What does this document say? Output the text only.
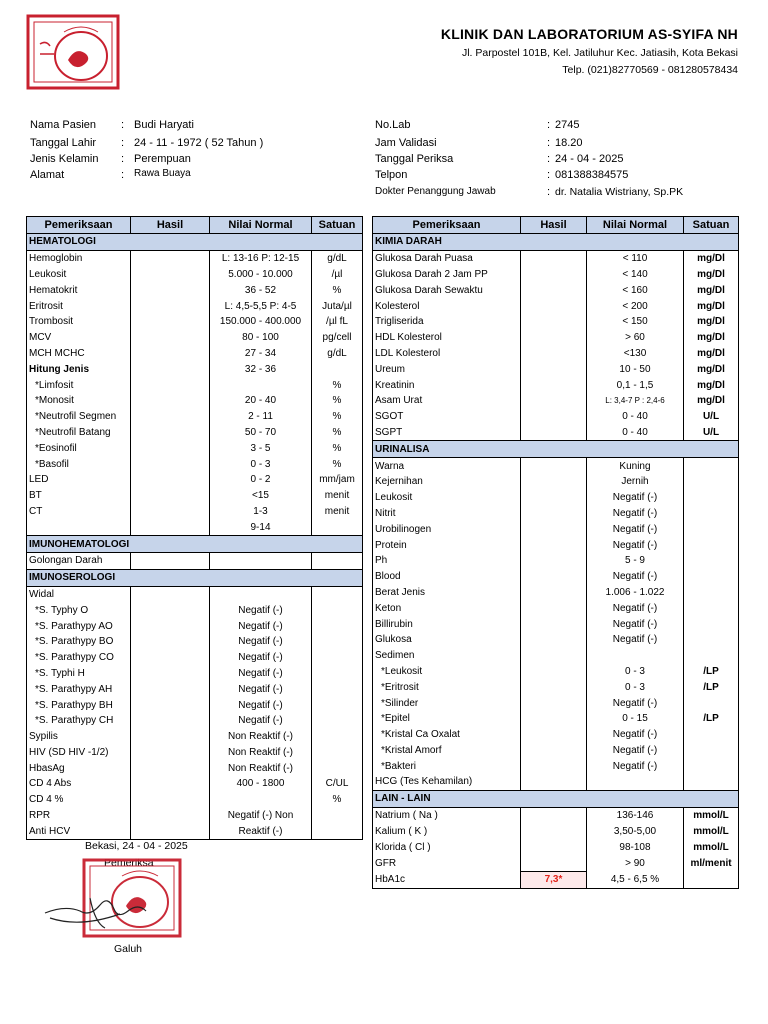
KLINIK DAN LABORATORIUM AS-SYIFA NH
Jl. Parpostel 101B, Kel. Jatiluhur Kec. Jatiasih, Kota Bekasi
Telp. (021)82770569 - 081280578434
Nama Pasien : Budi Haryati
Tanggal Lahir : 24 - 11 - 1972 ( 52 Tahun )
Jenis Kelamin : Perempuan
Alamat	: Rawa Buaya
No.Lab	: 2745
Jam Validasi	: 18.20
Tanggal Periksa	: 24 - 04 - 2025
Telpon	: 081388384575
Dokter Penanggung Jawab	: dr. Natalia Wistriany, Sp.PK
Pemeriksaan	Hasil	Nilai Normal	Satuan
HEMATOLOGI			
Hemoglobin		L: 13-16 P: 12-15	g/dL
Leukosit		5.000 - 10.000	/µl
Hematokrit		36 - 52	%
Eritrosit		L: 4,5-5,5 P: 4-5	Juta/µl
Trombosit		150.000 - 400.000	/µl fL
MCV		80 - 100	pg/cell
MCH MCHC		27 - 34	g/dL
Hitung Jenis		32 - 36	
*Limfosit			%
*Monosit		20 - 40	%
*Neutrofil Segmen		2 - 11	%
*Neutrofil Batang		50 - 70	%
*Eosinofil		3 - 5	%
*Basofil		0 - 3	%
LED		0 - 2	mm/jam
BT		<15	menit
CT		1-3	menit
		9-14	
IMUNOHEMATOLOGI			
Golongan Darah			
IMUNOSEROLOGI			
Widal			
*S. Typhy O		Negatif (-)	
*S. Parathypy AO		Negatif (-)	
*S. Parathypy BO		Negatif (-)	
*S. Parathypy CO		Negatif (-)	
*S. Typhi H		Negatif (-)	
*S. Parathypy AH		Negatif (-)	
*S. Parathypy BH		Negatif (-)	
*S. Parathypy CH		Negatif (-)	
Sypilis		Non Reaktif (-)	
HIV (SD HIV -1/2)		Non Reaktif (-)	
HbasAg		Non Reaktif (-)	
CD 4 Abs		400 - 1800	C/UL
CD 4 %			%
RPR		Negatif (-) Non	
Anti HCV		Reaktif (-)	
Pemeriksaan	Hasil	Nilai Normal	Satuan
KIMIA DARAH			
Glukosa Darah Puasa		< 110	mg/Dl
Glukosa Darah 2 Jam PP		< 140	mg/Dl
Glukosa Darah Sewaktu		< 160	mg/Dl
Kolesterol		< 200	mg/Dl
Trigliserida		< 150	mg/Dl
HDL Kolesterol		> 60	mg/Dl
LDL Kolesterol		<130	mg/Dl
Ureum		10 - 50	mg/Dl
Kreatinin		0,1 - 1,5	mg/Dl
Asam Urat		L: 3,4-7 P : 2,4-6	mg/Dl
SGOT		0 - 40	U/L
SGPT		0 - 40	U/L
URINALISA			
Warna		Kuning	
Kejernihan		Jernih	
Leukosit		Negatif (-)	
Nitrit		Negatif (-)	
Urobilinogen		Negatif (-)	
Protein		Negatif (-)	
Ph		5 - 9	
Blood		Negatif (-)	
Berat Jenis		1.006 - 1.022	
Keton		Negatif (-)	
Billirubin		Negatif (-)	
Glukosa		Negatif (-)	
Sedimen			
*Leukosit		0 - 3	/LP
*Eritrosit		0 - 3	/LP
*Silinder		Negatif (-)	
*Epitel		0 - 15	/LP
*Kristal Ca Oxalat		Negatif (-)	
*Kristal Amorf		Negatif (-)	
*Bakteri		Negatif (-)	
HCG (Tes Kehamilan)			
LAIN - LAIN			
Natrium ( Na )		136-146	mmol/L
Kalium ( K )		3,50-5,00	mmol/L
Klorida ( Cl )		98-108	mmol/L
GFR		> 90	ml/menit
HbA1c	7,3*	4,5 - 6,5 %	
Bekasi, 24 - 04 - 2025
Pemeriksa
Galuh
